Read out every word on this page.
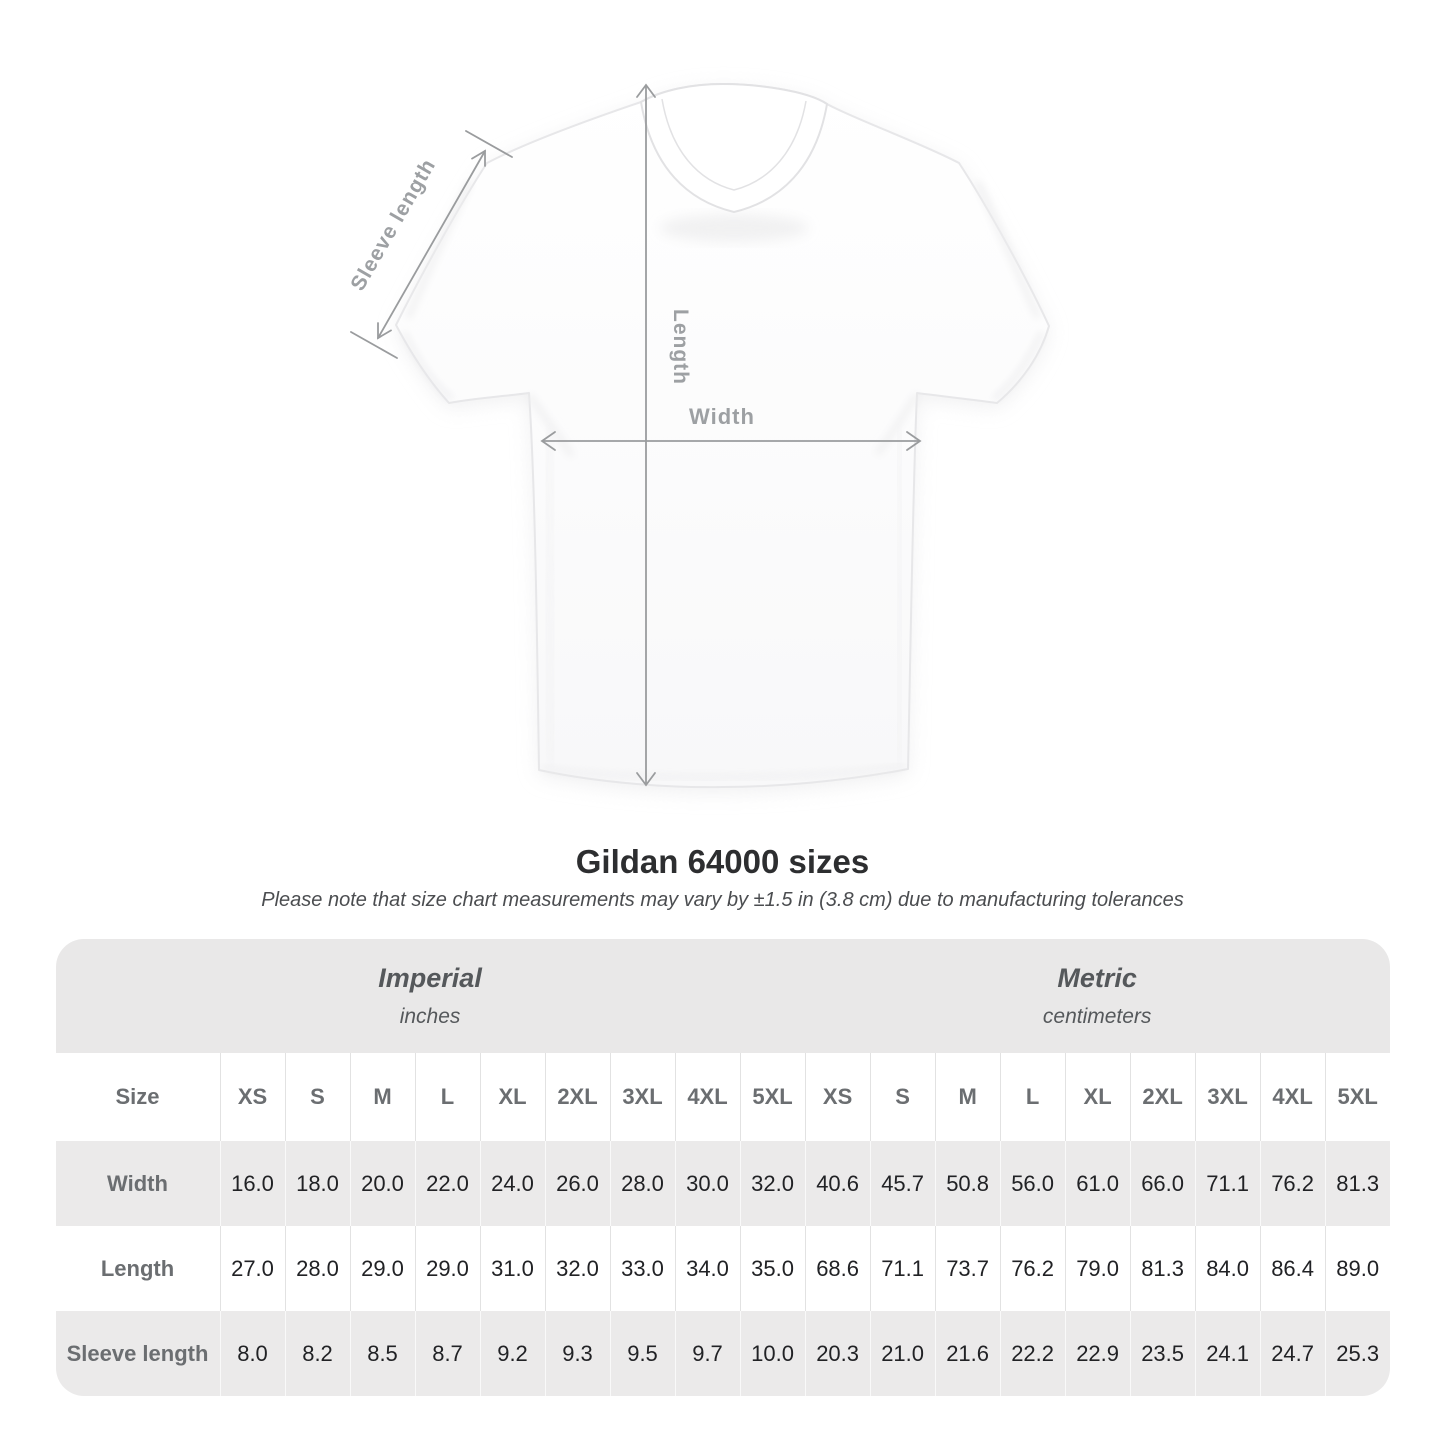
Width
Length
Sleeve length
Gildan 64000 sizes

Please note that size chart measurements may vary by ±1.5 in (3.8 cm) due to manufacturing tolerances

Imperial
inches

Metric
centimeters

Size	XS	S	M	L	XL	2XL	3XL	4XL	5XL	XS	S	M	L	XL	2XL	3XL	4XL	5XL
Width	16.0	18.0	20.0	22.0	24.0	26.0	28.0	30.0	32.0	40.6	45.7	50.8	56.0	61.0	66.0	71.1	76.2	81.3
Length	27.0	28.0	29.0	29.0	31.0	32.0	33.0	34.0	35.0	68.6	71.1	73.7	76.2	79.0	81.3	84.0	86.4	89.0
Sleeve length	8.0	8.2	8.5	8.7	9.2	9.3	9.5	9.7	10.0	20.3	21.0	21.6	22.2	22.9	23.5	24.1	24.7	25.3
